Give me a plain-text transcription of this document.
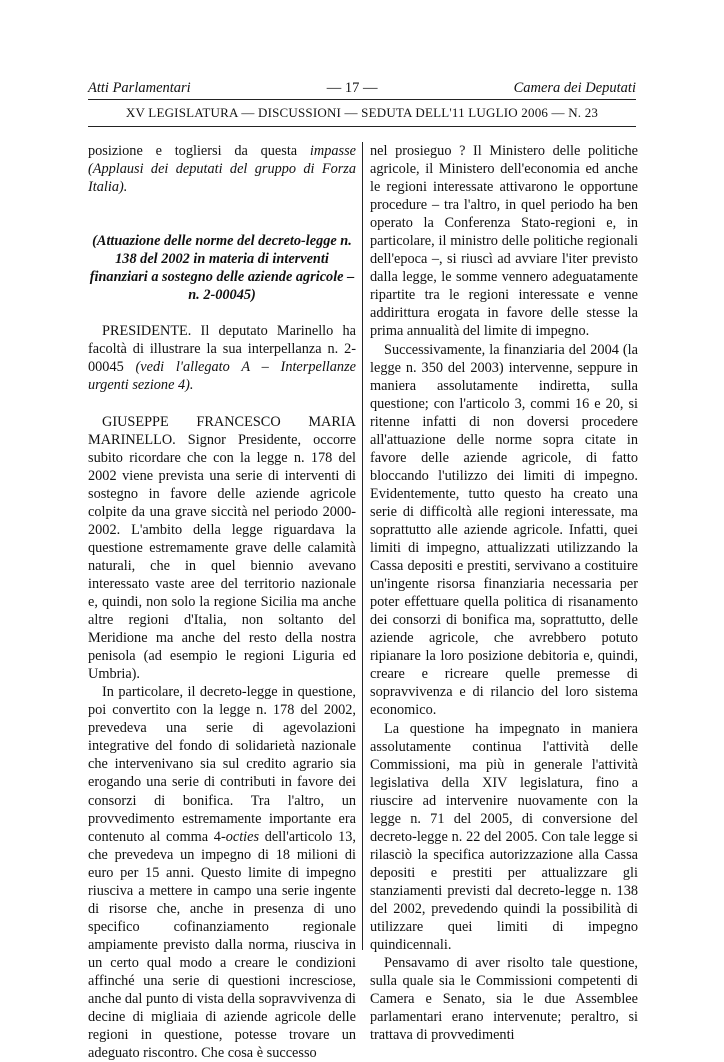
Atti Parlamentari	— 17 —	Camera dei Deputati
XV LEGISLATURA — DISCUSSIONI — SEDUTA DELL'11 LUGLIO 2006 — N. 23

posizione e togliersi da questa impasse (Applausi dei deputati del gruppo di Forza Italia).

(Attuazione delle norme del decreto-legge n. 138 del 2002 in materia di interventi finanziari a sostegno delle aziende agricole –n. 2-00045)

PRESIDENTE. Il deputato Marinello ha facoltà di illustrare la sua interpellanza n. 2-00045 (vedi l'allegato A – Interpellanze urgenti sezione 4).

GIUSEPPE FRANCESCO MARIA MARINELLO. Signor Presidente, occorre subito ricordare che con la legge n. 178 del 2002 viene prevista una serie di interventi di sostegno in favore delle aziende agricole colpite da una grave siccità nel periodo 2000-2002. L'ambito della legge riguardava la questione estremamente grave delle calamità naturali, che in quel biennio avevano interessato vaste aree del territorio nazionale e, quindi, non solo la regione Sicilia ma anche altre regioni d'Italia, non soltanto del Meridione ma anche del resto della nostra penisola (ad esempio le regioni Liguria ed Umbria).

In particolare, il decreto-legge in questione, poi convertito con la legge n. 178 del 2002, prevedeva una serie di agevolazioni integrative del fondo di solidarietà nazionale che intervenivano sia sul credito agrario sia erogando una serie di contributi in favore dei consorzi di bonifica. Tra l'altro, un provvedimento estremamente importante era contenuto al comma 4-octies dell'articolo 13, che prevedeva un impegno di 18 milioni di euro per 15 anni. Questo limite di impegno riusciva a mettere in campo una serie ingente di risorse che, anche in presenza di uno specifico cofinanziamento regionale ampiamente previsto dalla norma, riusciva in un certo qual modo a creare le condizioni affinché una serie di questioni incresciose, anche dal punto di vista della sopravvivenza di decine di migliaia di aziende agricole delle regioni in questione, potesse trovare un adeguato riscontro. Che cosa è successo

nel prosieguo ? Il Ministero delle politiche agricole, il Ministero dell'economia ed anche le regioni interessate attivarono le opportune procedure – tra l'altro, in quel periodo ha ben operato la Conferenza Stato-regioni e, in particolare, il ministro delle politiche regionali dell'epoca –, si riuscì ad avviare l'iter previsto dalla legge, le somme vennero adeguatamente ripartite tra le regioni interessate e venne addirittura erogata in favore delle stesse la prima annualità del limite di impegno.

Successivamente, la finanziaria del 2004 (la legge n. 350 del 2003) intervenne, seppure in maniera assolutamente indiretta, sulla questione; con l'articolo 3, commi 16 e 20, si ritenne infatti di non doversi procedere all'attuazione delle norme sopra citate in favore delle aziende agricole, di fatto bloccando l'utilizzo dei limiti di impegno. Evidentemente, tutto questo ha creato una serie di difficoltà alle regioni interessate, ma soprattutto alle aziende agricole. Infatti, quei limiti di impegno, attualizzati utilizzando la Cassa depositi e prestiti, servivano a costituire un'ingente risorsa finanziaria necessaria per poter effettuare quella politica di risanamento dei consorzi di bonifica ma, soprattutto, delle aziende agricole, che avrebbero potuto ripianare la loro posizione debitoria e, quindi, creare e ricreare quelle premesse di sopravvivenza e di rilancio del loro sistema economico.

La questione ha impegnato in maniera assolutamente continua l'attività delle Commissioni, ma più in generale l'attività legislativa della XIV legislatura, fino a riuscire ad intervenire nuovamente con la legge n. 71 del 2005, di conversione del decreto-legge n. 22 del 2005. Con tale legge si rilasciò la specifica autorizzazione alla Cassa depositi e prestiti per attualizzare gli stanziamenti previsti dal decreto-legge n. 138 del 2002, prevedendo quindi la possibilità di utilizzare quei limiti di impegno quindicennali.

Pensavamo di aver risolto tale questione, sulla quale sia le Commissioni competenti di Camera e Senato, sia le due Assemblee parlamentari erano intervenute; peraltro, si trattava di provvedimenti
